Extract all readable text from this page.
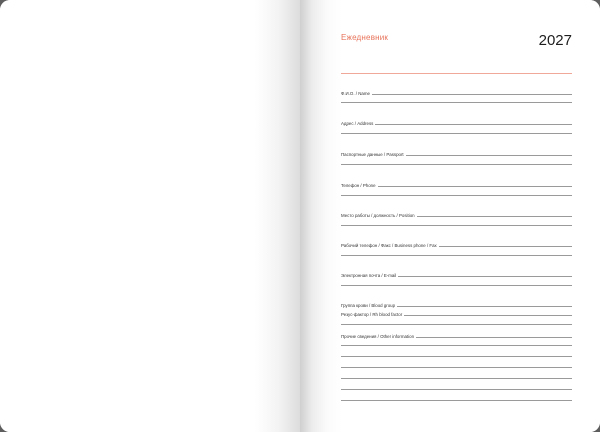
Ежедневник	2027
Ф.И.О. / Name
Адрес / Address
Паспортные данные / Passport
Телефон / Phone
Место работы / должность / Position
Рабочий телефон / Факс / Business phone / Fax
Электронная почта / E-mail
Группа крови / Blood group
Резус-фактор / Rh blood factor
Прочие сведения / Other information
